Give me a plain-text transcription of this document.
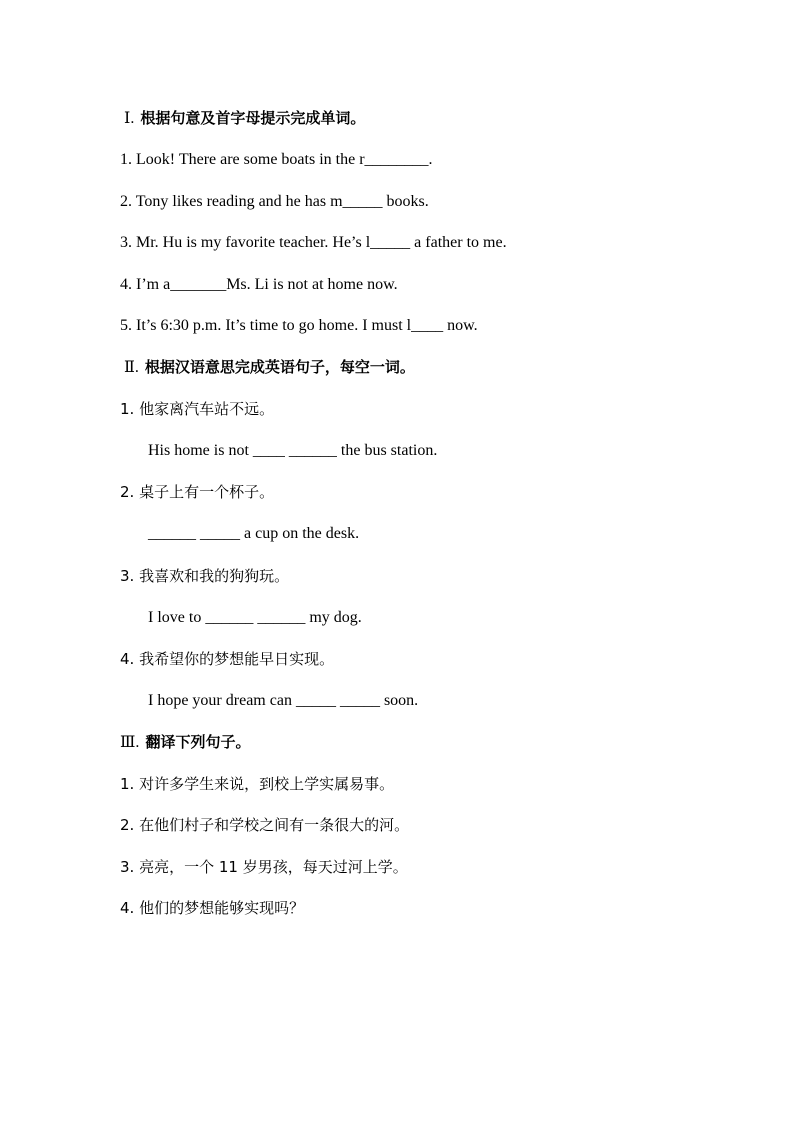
Ⅰ. 根据句意及首字母提示完成单词。
1. Look! There are some boats in the r________.
2. Tony likes reading and he has m_____ books.
3. Mr. Hu is my favorite teacher. He’s l_____ a father to me.
4. I’m a_______Ms. Li is not at home now.
5. It’s 6:30 p.m. It’s time to go home. I must l____ now.
Ⅱ. 根据汉语意思完成英语句子，每空一词。
1. 他家离汽车站不远。
His home is not ____ ______ the bus station.
2. 桌子上有一个杯子。
______ _____ a cup on the desk.
3. 我喜欢和我的狗狗玩。
I love to ______ ______ my dog.
4. 我希望你的梦想能早日实现。
I hope your dream can _____ _____ soon.
Ⅲ. 翻译下列句子。
1. 对许多学生来说，到校上学实属易事。
2. 在他们村子和学校之间有一条很大的河。
3. 亮亮，一个 11 岁男孩，每天过河上学。
4. 他们的梦想能够实现吗？
